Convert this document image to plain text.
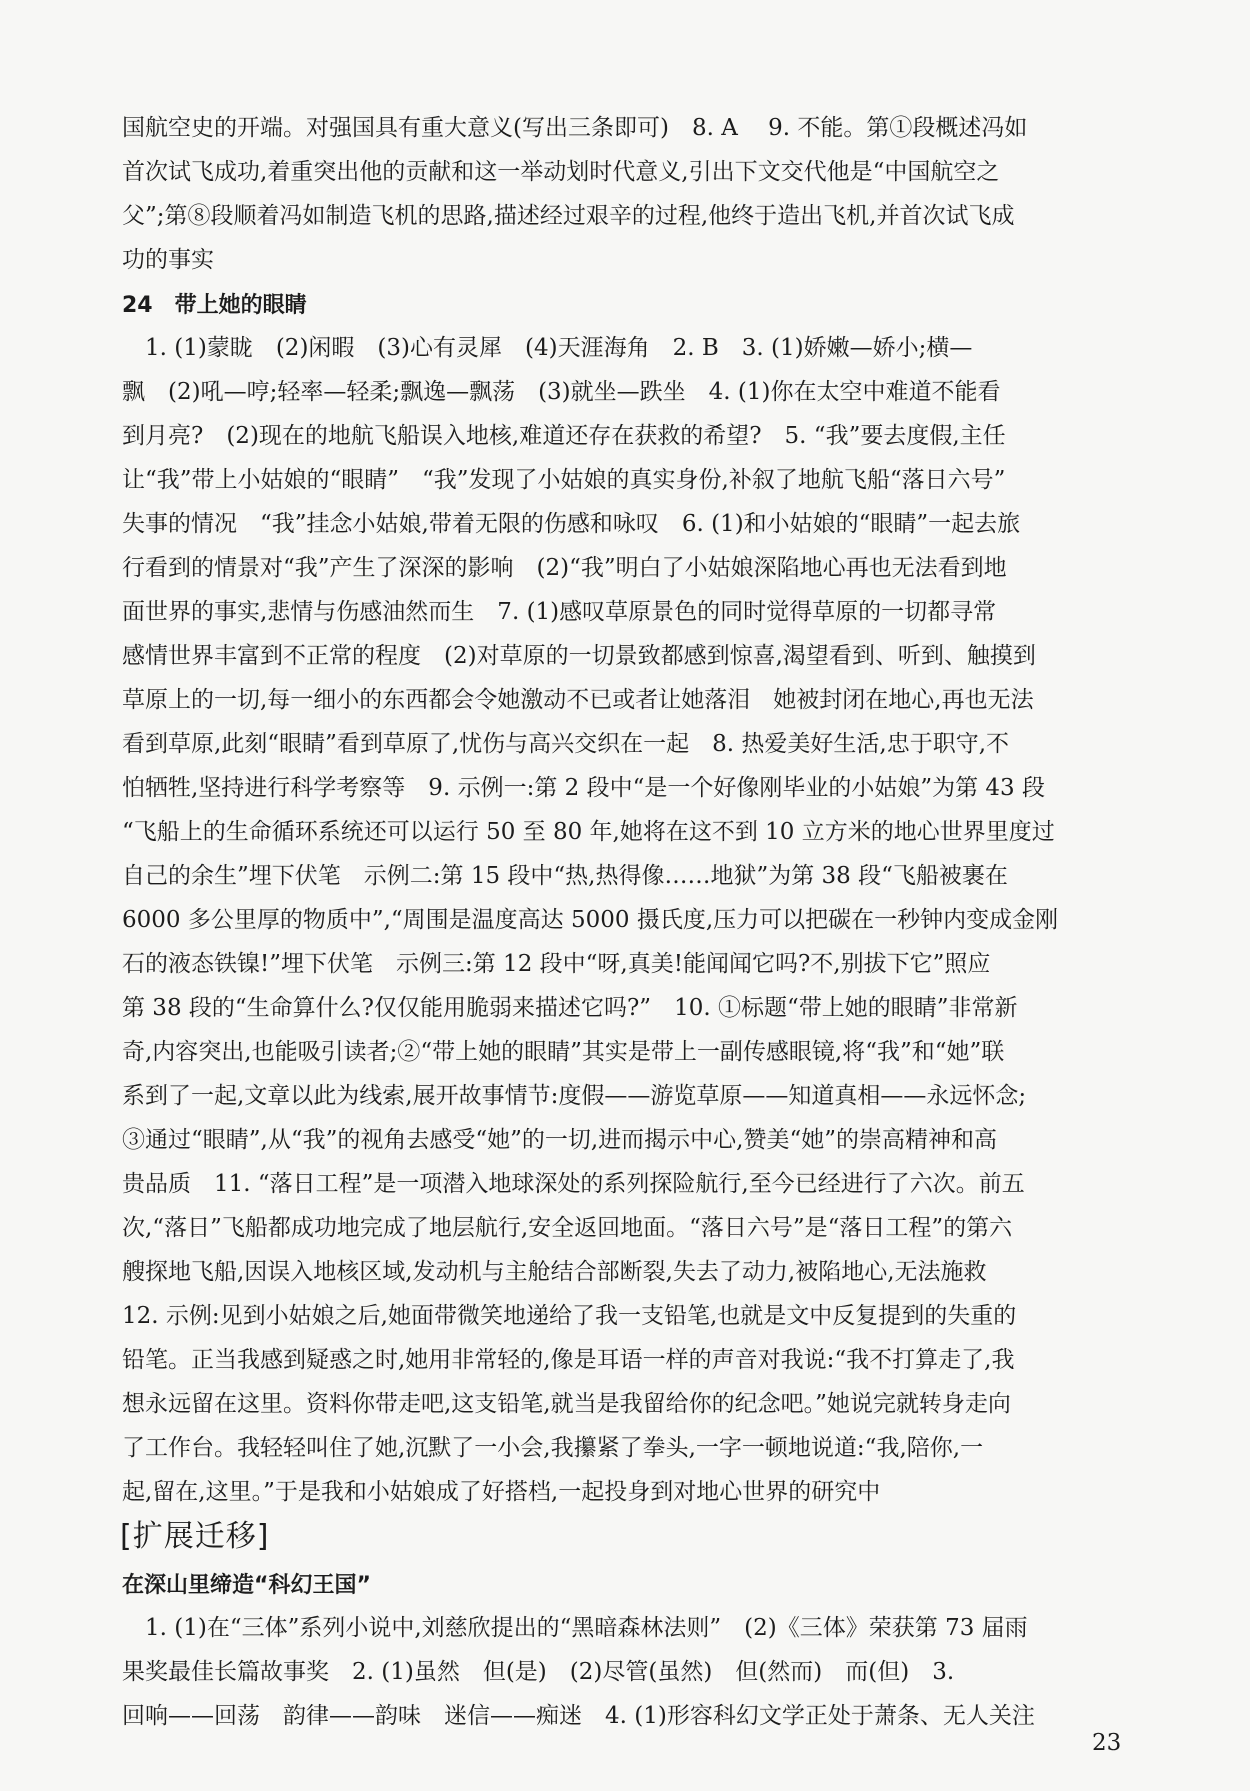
国航空史的开端。对强国具有重大意义(写出三条即可)　8. A　 9. 不能。第①段概述冯如
首次试飞成功,着重突出他的贡献和这一举动划时代意义,引出下文交代他是“中国航空之
父”;第⑧段顺着冯如制造飞机的思路,描述经过艰辛的过程,他终于造出飞机,并首次试飞成
功的事实
24　带上她的眼睛
　1. (1)蒙眬　(2)闲暇　(3)心有灵犀　(4)天涯海角　2. B　3. (1)娇嫩—娇小;横—
飘　(2)吼—哼;轻率—轻柔;飘逸—飘荡　(3)就坐—跌坐　4. (1)你在太空中难道不能看
到月亮?　(2)现在的地航飞船误入地核,难道还存在获救的希望?　5. “我”要去度假,主任
让“我”带上小姑娘的“眼睛”　“我”发现了小姑娘的真实身份,补叙了地航飞船“落日六号”
失事的情况　“我”挂念小姑娘,带着无限的伤感和咏叹　6. (1)和小姑娘的“眼睛”一起去旅
行看到的情景对“我”产生了深深的影响　(2)“我”明白了小姑娘深陷地心再也无法看到地
面世界的事实,悲情与伤感油然而生　7. (1)感叹草原景色的同时觉得草原的一切都寻常
感情世界丰富到不正常的程度　(2)对草原的一切景致都感到惊喜,渴望看到、听到、触摸到
草原上的一切,每一细小的东西都会令她激动不已或者让她落泪　她被封闭在地心,再也无法
看到草原,此刻“眼睛”看到草原了,忧伤与高兴交织在一起　8. 热爱美好生活,忠于职守,不
怕牺牲,坚持进行科学考察等　9. 示例一:第 2 段中“是一个好像刚毕业的小姑娘”为第 43 段
“飞船上的生命循环系统还可以运行 50 至 80 年,她将在这不到 10 立方米的地心世界里度过
自己的余生”埋下伏笔　示例二:第 15 段中“热,热得像……地狱”为第 38 段“飞船被裹在
6000 多公里厚的物质中”,“周围是温度高达 5000 摄氏度,压力可以把碳在一秒钟内变成金刚
石的液态铁镍!”埋下伏笔　示例三:第 12 段中“呀,真美!能闻闻它吗?不,别拔下它”照应
第 38 段的“生命算什么?仅仅能用脆弱来描述它吗?”　10. ①标题“带上她的眼睛”非常新
奇,内容突出,也能吸引读者;②“带上她的眼睛”其实是带上一副传感眼镜,将“我”和“她”联
系到了一起,文章以此为线索,展开故事情节:度假——游览草原——知道真相——永远怀念;
③通过“眼睛”,从“我”的视角去感受“她”的一切,进而揭示中心,赞美“她”的崇高精神和高
贵品质　11. “落日工程”是一项潜入地球深处的系列探险航行,至今已经进行了六次。前五
次,“落日”飞船都成功地完成了地层航行,安全返回地面。“落日六号”是“落日工程”的第六
艘探地飞船,因误入地核区域,发动机与主舱结合部断裂,失去了动力,被陷地心,无法施救
12. 示例:见到小姑娘之后,她面带微笑地递给了我一支铅笔,也就是文中反复提到的失重的
铅笔。正当我感到疑惑之时,她用非常轻的,像是耳语一样的声音对我说:“我不打算走了,我
想永远留在这里。资料你带走吧,这支铅笔,就当是我留给你的纪念吧。”她说完就转身走向
了工作台。我轻轻叫住了她,沉默了一小会,我攥紧了拳头,一字一顿地说道:“我,陪你,一
起,留在,这里。”于是我和小姑娘成了好搭档,一起投身到对地心世界的研究中
[扩展迁移]
在深山里缔造“科幻王国”
　1. (1)在“三体”系列小说中,刘慈欣提出的“黑暗森林法则”　(2)《三体》荣获第 73 届雨
果奖最佳长篇故事奖　2. (1)虽然　但(是)　(2)尽管(虽然)　但(然而)　而(但)　3.
回响——回荡　韵律——韵味　迷信——痴迷　4. (1)形容科幻文学正处于萧条、无人关注
23
